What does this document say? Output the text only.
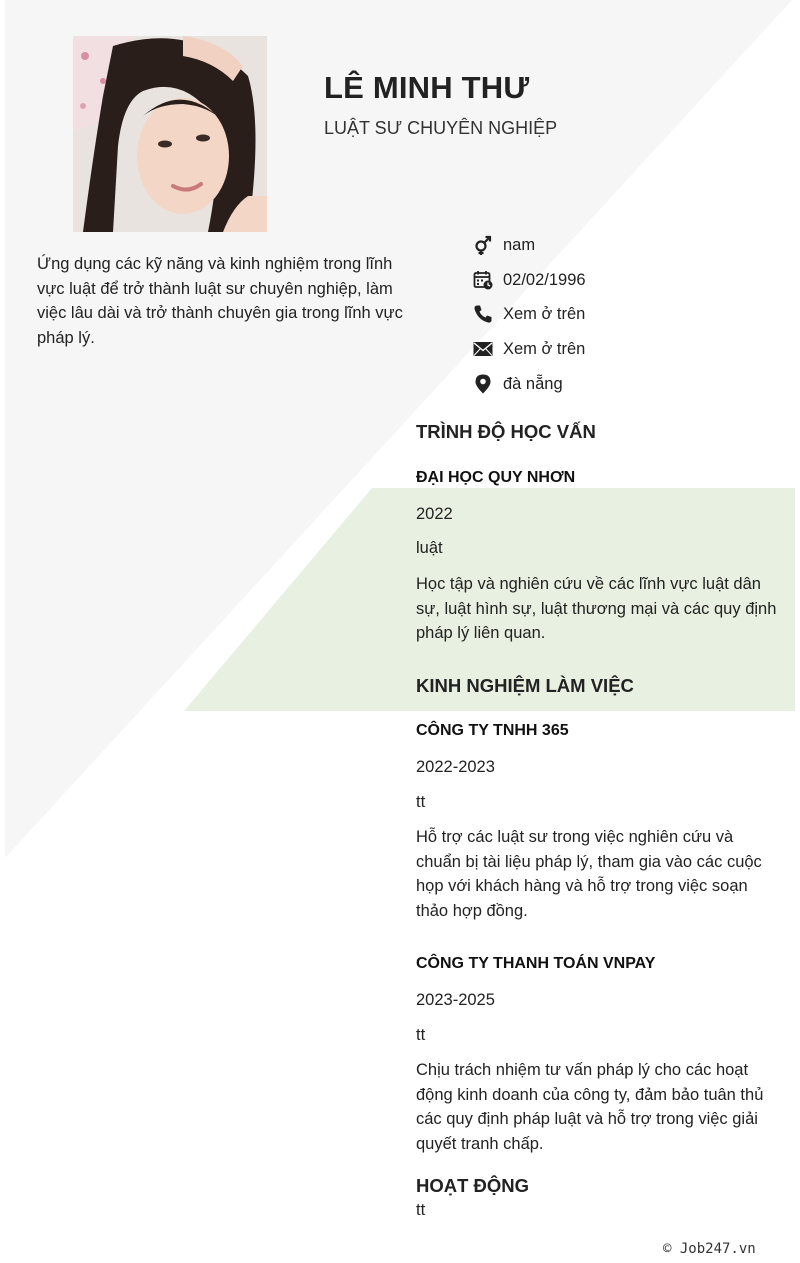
LÊ MINH THƯ

LUẬT SƯ CHUYÊN NGHIỆP

Ứng dụng các kỹ năng và kinh nghiệm trong lĩnh vực luật để trở thành luật sư chuyên nghiệp, làm việc lâu dài và trở thành chuyên gia trong lĩnh vực pháp lý.

nam
02/02/1996
Xem ở trên
Xem ở trên
đà nẵng
TRÌNH ĐỘ HỌC VẤN
ĐẠI HỌC QUY NHƠN

2022

luật

Học tập và nghiên cứu về các lĩnh vực luật dân sự, luật hình sự, luật thương mại và các quy định pháp lý liên quan.

KINH NGHIỆM LÀM VIỆC
CÔNG TY TNHH 365

2022-2023

tt

Hỗ trợ các luật sư trong việc nghiên cứu và chuẩn bị tài liệu pháp lý, tham gia vào các cuộc họp với khách hàng và hỗ trợ trong việc soạn thảo hợp đồng.

CÔNG TY THANH TOÁN VNPAY

2023-2025

tt

Chịu trách nhiệm tư vấn pháp lý cho các hoạt động kinh doanh của công ty, đảm bảo tuân thủ các quy định pháp luật và hỗ trợ trong việc giải quyết tranh chấp.

HOẠT ĐỘNG

tt

© Job247.vn
